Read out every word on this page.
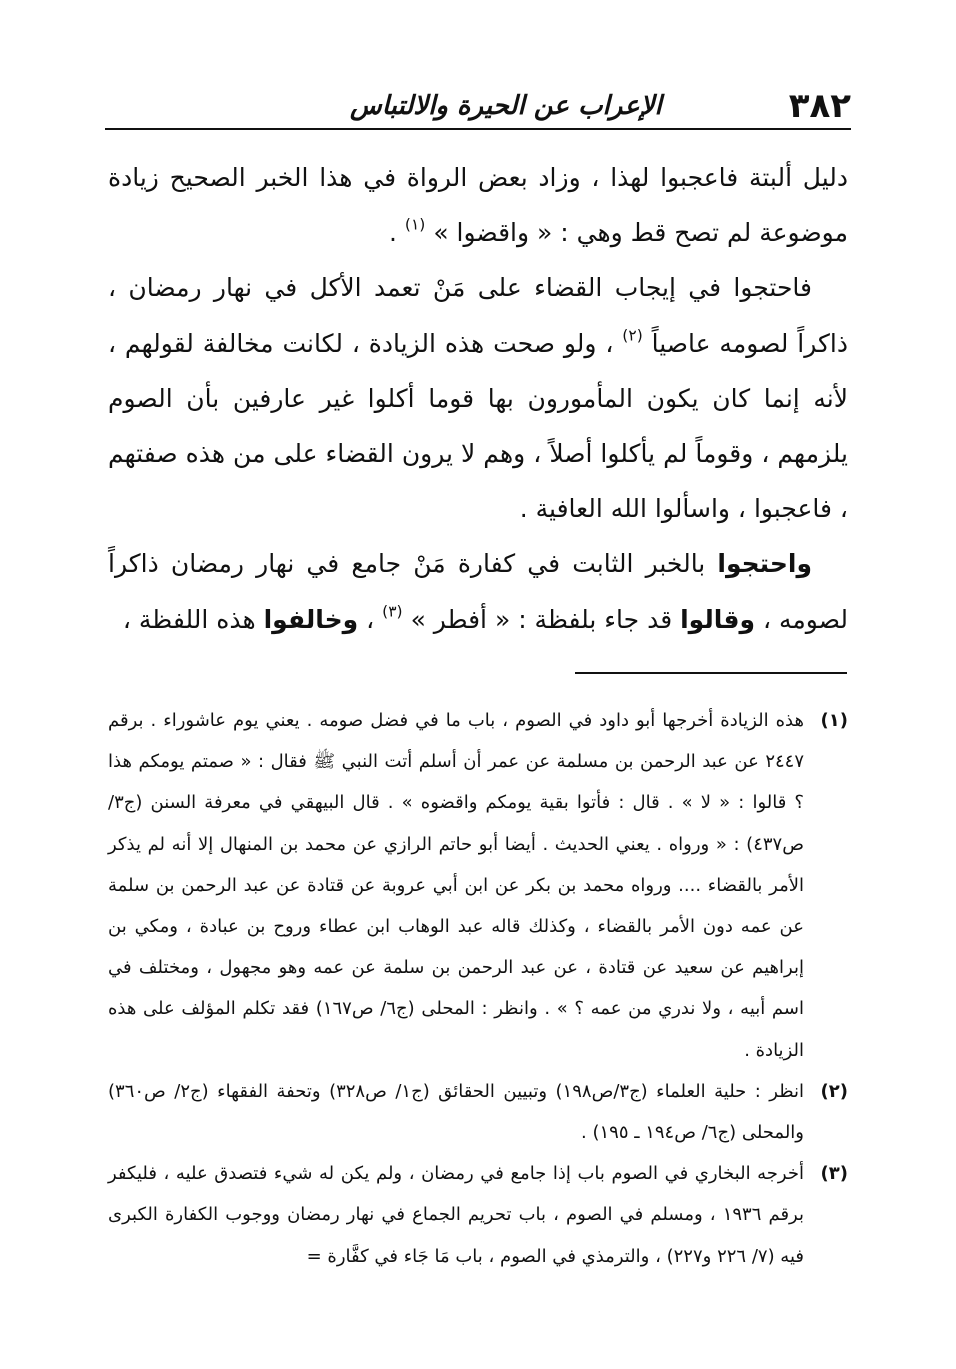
٣٨٢
الإعراب عن الحيرة والالتباس

دليل ألبتة فاعجبوا لهذا ، وزاد بعض الرواة في هذا الخبر الصحيح زيادة موضوعة لم تصح قط وهي : « واقضوا » $^{(١)}$ .

فاحتجوا في إيجاب القضاء على مَنْ تعمد الأكل في نهار رمضان ، ذاكراً لصومه عاصياً $^{(٢)}$ ، ولو صحت هذه الزيادة ، لكانت مخالفة لقولهم ، لأنه إنما كان يكون المأمورون بها قوما أكلوا غير عارفين بأن الصوم يلزمهم ، وقوماً لم يأكلوا أصلاً ، وهم لا يرون القضاء على من هذه صفتهم ، فاعجبوا ، واسألوا الله العافية .

واحتجوا بالخبر الثابت في كفارة مَنْ جامع في نهار رمضان ذاكراً لصومه ، وقالوا قد جاء بلفظة : « أفطر » $^{(٣)}$ ، وخالفوا هذه اللفظة ،

(١)
هذه الزيادة أخرجها أبو داود في الصوم ، باب ما في فضل صومه . يعني يوم عاشوراء . برقم ٢٤٤٧ عن عبد الرحمن بن مسلمة عن عمر أن أسلم أتت النبي ﷺ فقال : « صمتم يومكم هذا ؟ قالوا : « لا » . قال : فأتوا بقية يومكم واقضوه » . قال البيهقي في معرفة السنن (ج٣/ ص٤٣٧) : « ورواه . يعني الحديث . أيضا أبو حاتم الرازي عن محمد بن المنهال إلا أنه لم يذكر الأمر بالقضاء .... ورواه محمد بن بكر عن ابن أبي عروبة عن قتادة عن عبد الرحمن بن سلمة عن عمه دون الأمر بالقضاء ، وكذلك قاله عبد الوهاب ابن عطاء وروح بن عبادة ، ومكي بن إبراهيم عن سعيد عن قتادة ، عن عبد الرحمن بن سلمة عن عمه وهو مجهول ، ومختلف في اسم أبيه ، ولا ندري من عمه ؟ » . وانظر : المحلى (ج٦/ ص١٦٧) فقد تكلم المؤلف على هذه الزيادة .
(٢)
انظر : حلية العلماء (ج٣/ص١٩٨) وتبيين الحقائق (ج١/ ص٣٢٨) وتحفة الفقهاء (ج٢/ ص٣٦٠) والمحلى (ج٦/ ص١٩٤ ـ ١٩٥) .
(٣)
أخرجه البخاري في الصوم باب إذا جامع في رمضان ، ولم يكن له شيء فتصدق عليه ، فليكفر برقم ١٩٣٦ ، ومسلم في الصوم ، باب تحريم الجماع في نهار رمضان ووجوب الكفارة الكبرى فيه (٧/ ٢٢٦ و٢٢٧) ، والترمذي في الصوم ، باب مَا جَاء في كفَّارة =
